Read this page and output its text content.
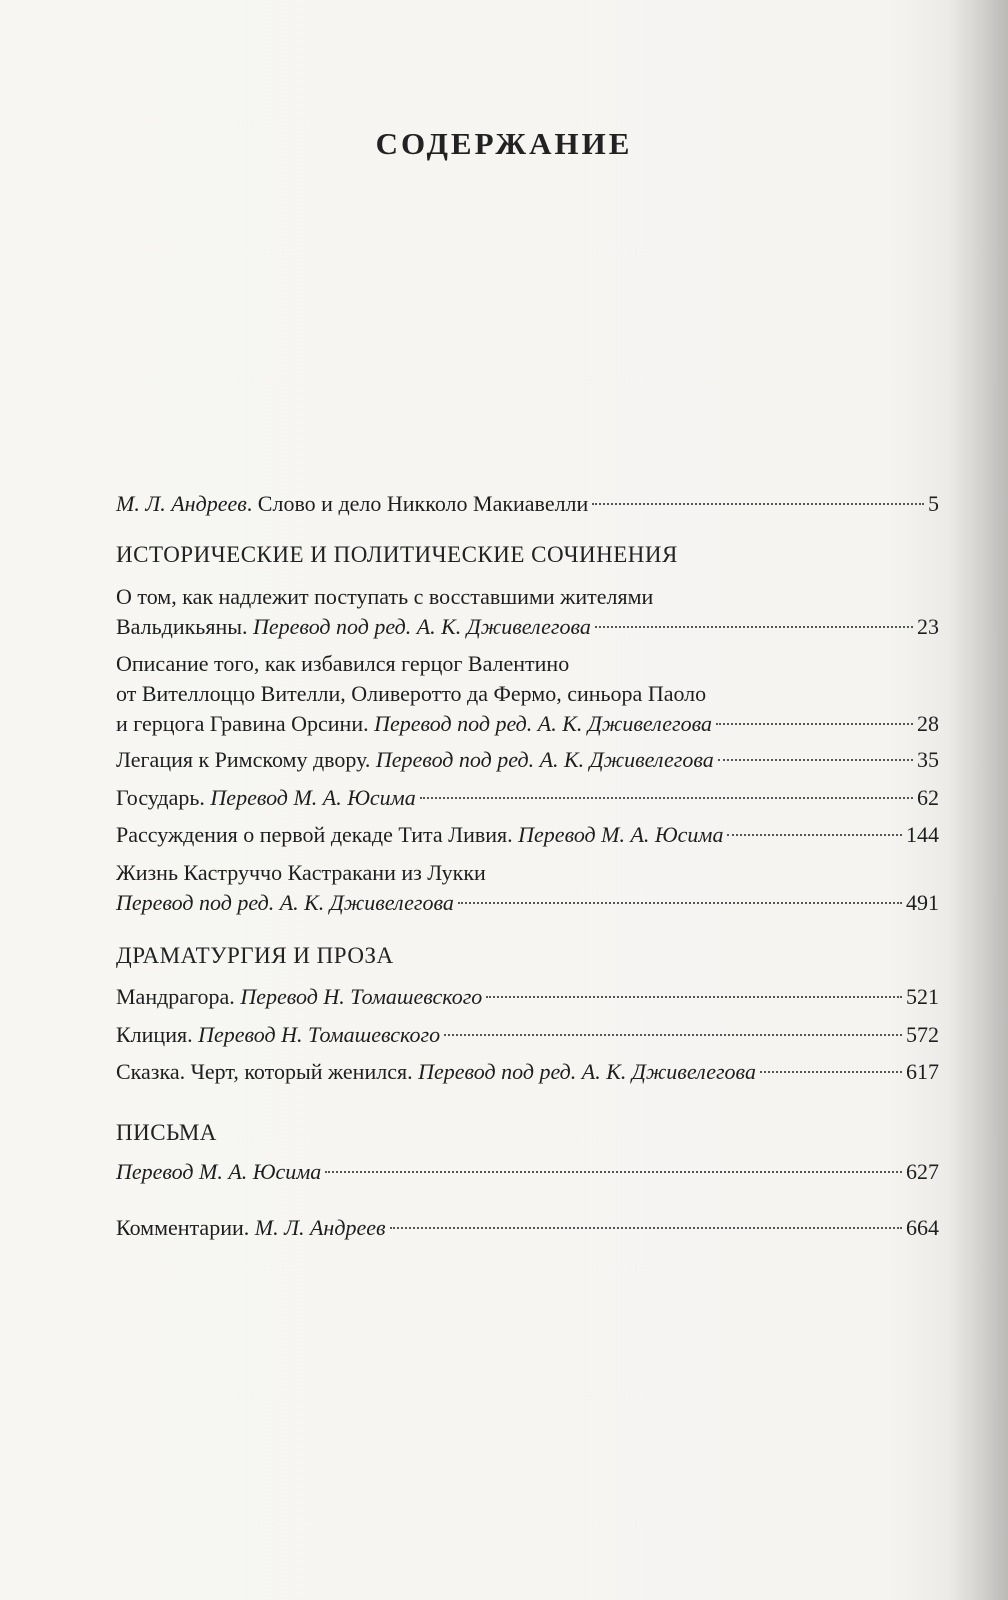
СОДЕРЖАНИЕ
М. Л. Андреев. Слово и дело Никколо Макиавелли	5
ИСТОРИЧЕСКИЕ И ПОЛИТИЧЕСКИЕ СОЧИНЕНИЯ
О том, как надлежит поступать с восставшими жителями
Вальдикьяны. Перевод под ред. А. К. Дживелегова	23
Описание того, как избавился герцог Валентино
от Вителлоццо Вителли, Оливеротто да Фермо, синьора Паоло
и герцога Гравина Орсини. Перевод под ред. А. К. Дживелегова	28
Легация к Римскому двору. Перевод под ред. А. К. Дживелегова	35
Государь. Перевод М. А. Юсима	62
Рассуждения о первой декаде Тита Ливия. Перевод М. А. Юсима	144
Жизнь Каструччо Кастракани из Лукки
Перевод под ред. А. К. Дживелегова	491
ДРАМАТУРГИЯ И ПРОЗА
Мандрагора. Перевод Н. Томашевского	521
Клиция. Перевод Н. Томашевского	572
Сказка. Черт, который женился. Перевод под ред. А. К. Дживелегова	617
ПИСЬМА
Перевод М. А. Юсима	627
Комментарии. М. Л. Андреев	664
